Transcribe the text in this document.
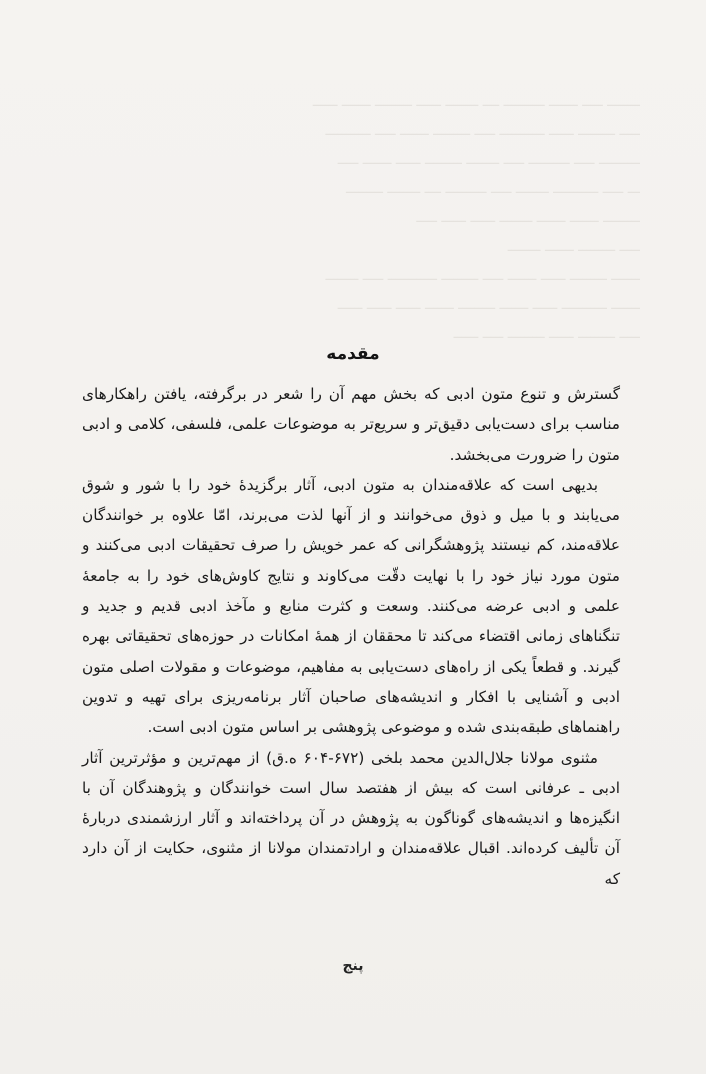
ــــــــ ـــــ ـــــــ ــــــــــ ــــ ــــــــ ــــــ ـــــــــ ـــــــ ــــــ
ـــــ ـــــــــ ــــــ ـــــــــــ ـــــ ـــــــــ ـــــــ ـــــ ـــــــــــ
ــــــــــ ـــــ ــــــــــ ـــــ ــــــــ ـــــــــ ــــــ ـــــــ ـــــ
ـــ ـــــ ـــــــــــ ــــــــ ـــــ ــــــــــ ــــ ــــــــ ـــــــــ
ـــــــــ ـــــــ ـــــــ ــــــــ ــــــ ــــــ ـــــ
ـــــ ـــــــــ ـــــــ ــــــــ
ـــــــ ـــــــــ ــــــ ـــــــ ـــــ ـــــــــ ــــــــــــ ـــــ ــــــــ
ـــــــ ـــــــــــ ــــــ ـــــــ ـــــــــ ـــــــ ــــــ ــــــ ــــــ
ـــــ ـــــــــ ــــــ ـــــــــ ـــــ ــــــ
مقدمه

گسترش و تنوع متون ادبی که بخش مهم آن را شعر در برگرفته، یافتن راهکارهای مناسب برای دست‌یابی دقیق‌تر و سریع‌تر به موضوعات علمی، فلسفی، کلامی و ادبی متون را ضرورت می‌بخشد.

بدیهی است که علاقه‌مندان به متون ادبی، آثار برگزیدهٔ خود را با شور و شوق می‌یابند و با میل و ذوق می‌خوانند و از آنها لذت می‌برند، امّا علاوه بر خوانندگان علاقه‌مند، کم نیستند پژوهشگرانی که عمر خویش را صرف تحقیقات ادبی می‌کنند و متون مورد نیاز خود را با نهایت دقّت می‌کاوند و نتایج کاوش‌های خود را به جامعهٔ علمی و ادبی عرضه می‌کنند. وسعت و کثرت منابع و مآخذ ادبی قدیم و جدید و تنگناهای زمانی اقتضاء می‌کند تا محققان از همهٔ امکانات در حوزه‌های تحقیقاتی بهره گیرند. و قطعاً یکی از راه‌های دست‌یابی به مفاهیم، موضوعات و مقولات اصلی متون ادبی و آشنایی با افکار و اندیشه‌های صاحبان آثار برنامه‌ریزی برای تهیه و تدوین راهنماهای طبقه‌بندی شده و موضوعی پژوهشی بر اساس متون ادبی است.

مثنوی مولانا جلال‌الدین محمد بلخی (۶۷۲-۶۰۴ ه.ق) از مهم‌ترین و مؤثرترین آثار ادبی ـ عرفانی است که بیش از هفتصد سال است خوانندگان و پژوهندگان آن با انگیزه‌ها و اندیشه‌های گوناگون به پژوهش در آن پرداخته‌اند و آثار ارزشمندی دربارهٔ آن تألیف کرده‌اند. اقبال علاقه‌مندان و ارادتمندان مولانا از مثنوی، حکایت از آن دارد که

پنج
